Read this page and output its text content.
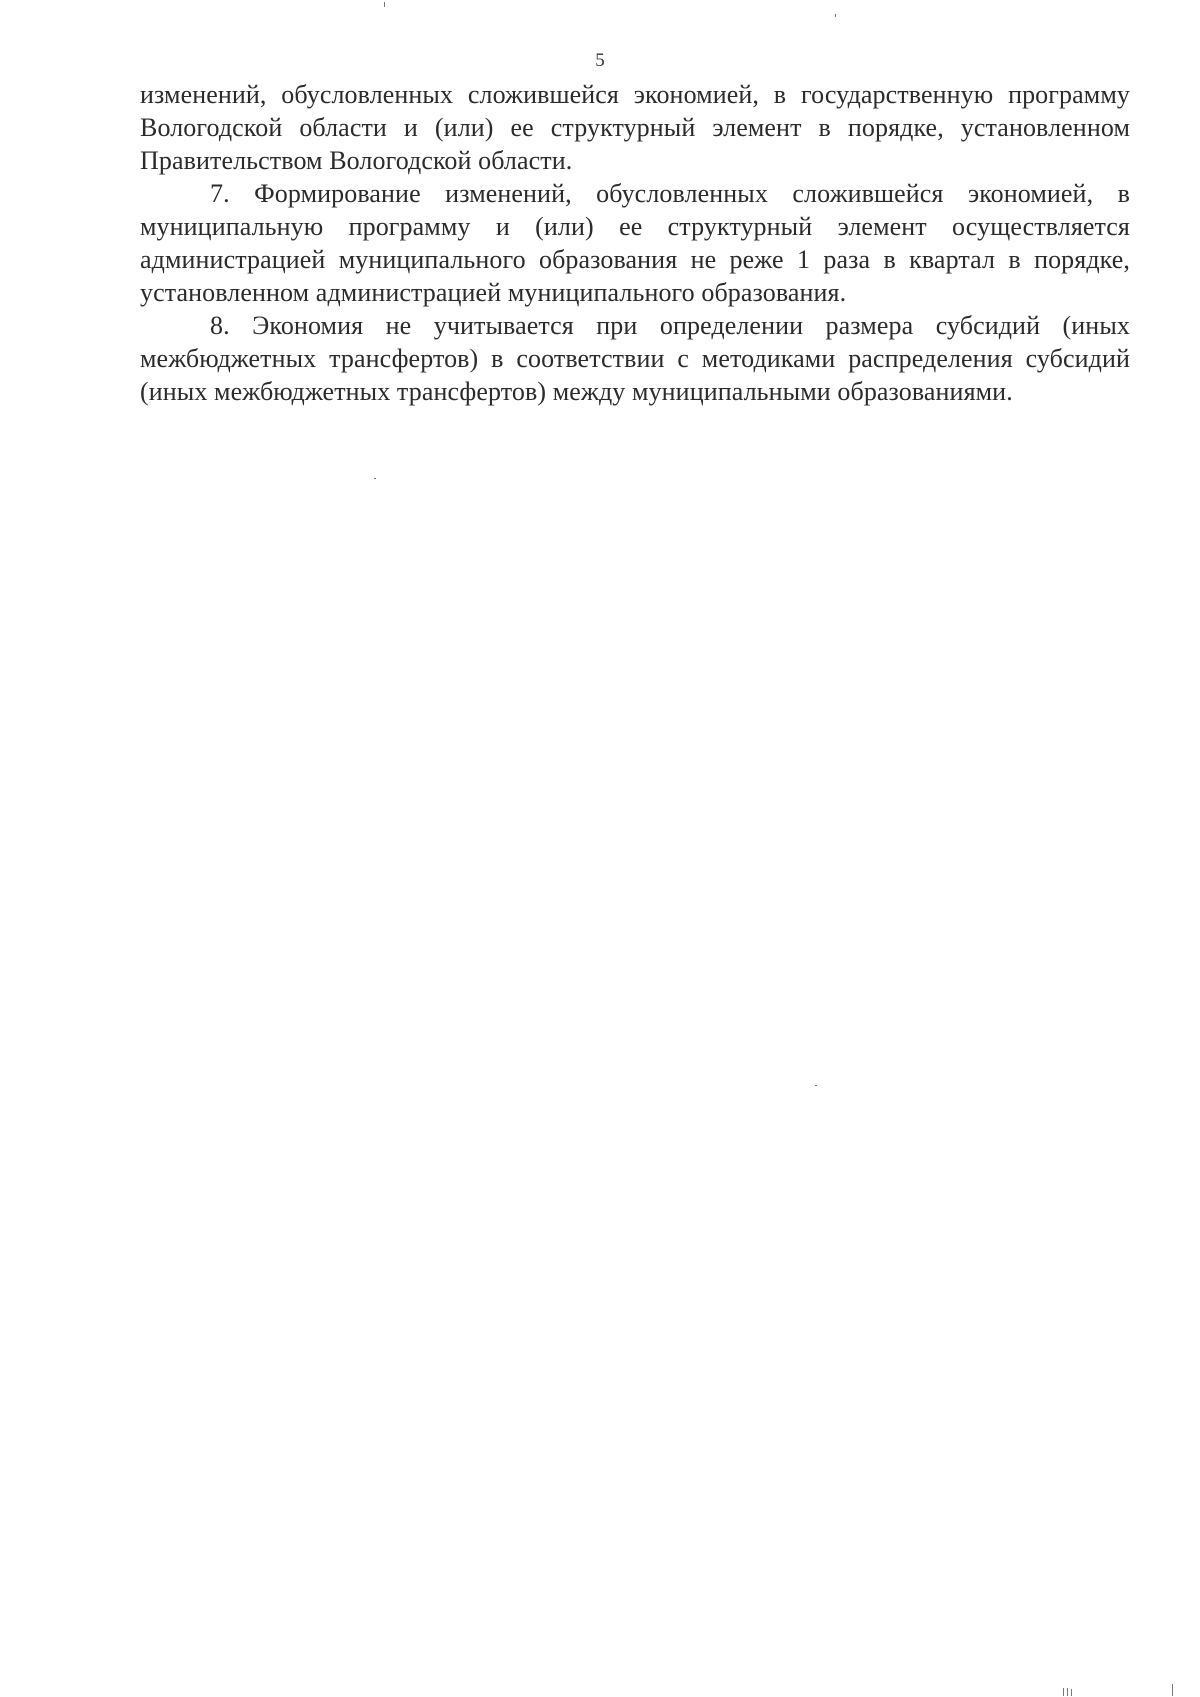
5

изменений, обусловленных сложившейся экономией, в государственную программу Вологодской области и (или) ее структурный элемент в порядке, установленном Правительством Вологодской области.

7. Формирование изменений, обусловленных сложившейся экономией, в муниципальную программу и (или) ее структурный элемент осуществляется администрацией муниципального образования не реже 1 раза в квартал в порядке, установленном администрацией муниципального образования.

8. Экономия не учитывается при определении размера субсидий (иных межбюджетных трансфертов) в соответствии с методиками распределения субсидий (иных межбюджетных трансфертов) между муниципальными образованиями.
